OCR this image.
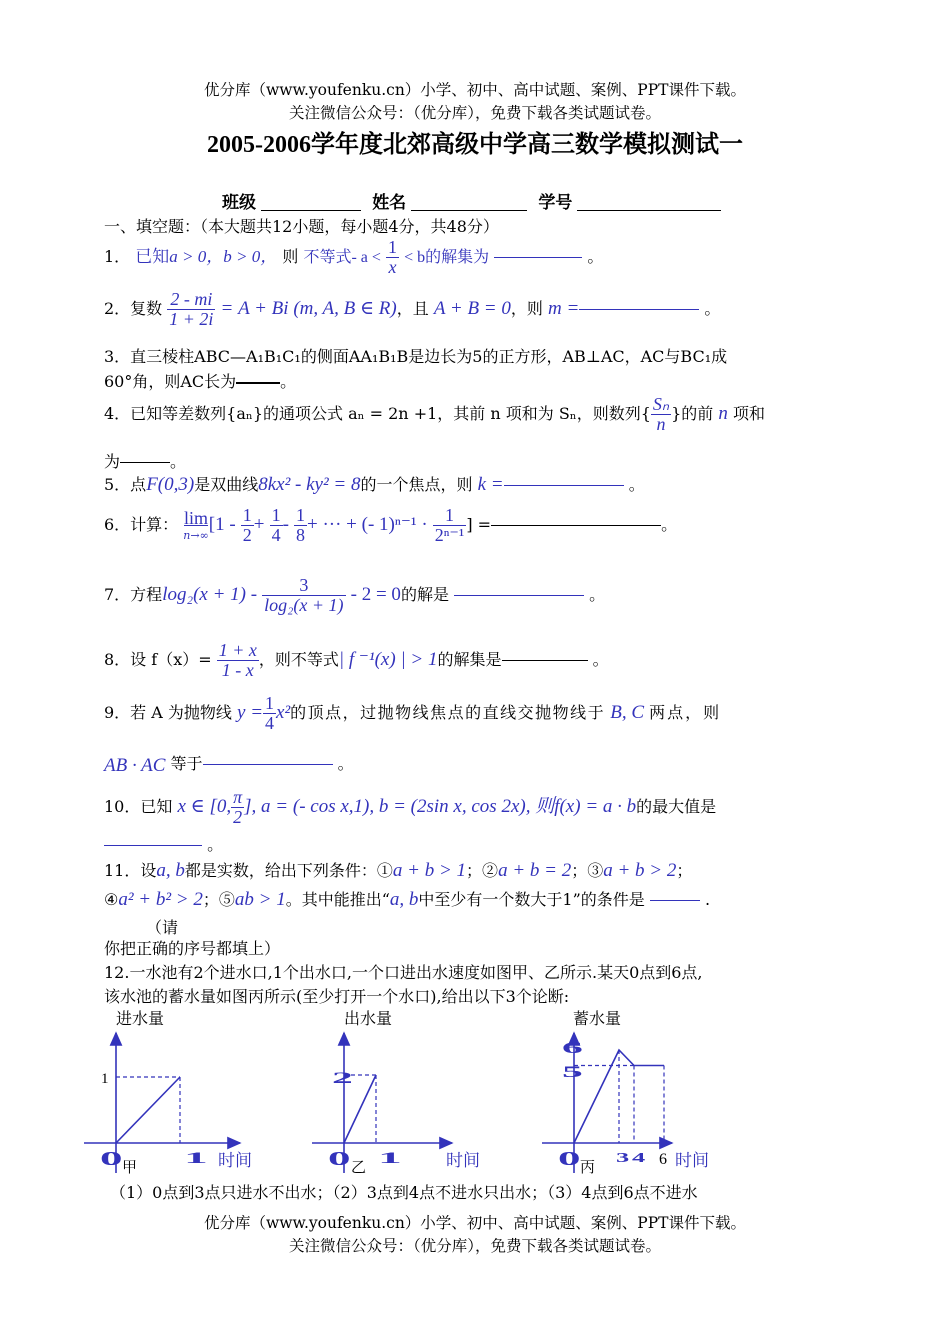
优分库（www.youfenku.cn）小学、初中、高中试题、案例、PPT课件下载。
关注微信公众号：（优分库），免费下载各类试题试卷。
2005-2006学年度北郊高级中学高三数学模拟测试一
班级	姓名	学号
一、填空题：（本大题共12小题，每小题4分，共48分）
1． 已知a > 0，b > 0， 则 不等式- $a < \frac{1}{x} < b$的解集为	。
2．复数 $\frac{2 - mi}{1 + 2i} = A + Bi$ (m, A, B ∈ R)，且 A + B = 0，则 m =	。
3．直三棱柱ABC—A₁B₁C₁的侧面AA₁B₁B是边长为5的正方形，AB⊥AC，AC与BC₁成
60°角，则AC长为	。
4．已知等差数列{aₙ}的通项公式 aₙ = 2n +1，其前 n 项和为 Sₙ，则数列{ $\frac{\text{Sₙ}}{n}$ }的前 n 项和
为	。
5．点F(0,3)是双曲线8kx² - ky² = 8的一个焦点，则 k =	。
6．计算： lim
n→∞
[$1 - \frac{1}{2} + \frac{1}{4} - \frac{1}{8}$ + ··· + (- $1)^{n-1} \cdot \frac{1}{\text{2ⁿ⁻¹}}$ ] =	。
7．方程$\log_2(x + 1) - \frac{3}{\text{log₂(x + 1)}} - 2 = 0$的解是	。
8．设 $f(x)= \frac{1 + x}{1 - x}$ ，则不等式| f ⁻¹(x) | > 1的解集是	。
9．若 A 为抛物线 $y = \frac{1}{4} x^2$的顶点，过抛物线焦点的直线交抛物线于 B, C 两点，则
AB · AC 等于	。
10．已知 x ∈ [0, $\frac{\pi}{2}$ ], a = (- cos x,1), b = (2sin x, cos 2x), 则f(x) = a · b的最大值是
。
11．设a, b都是实数，给出下列条件：①a + b > 1；②a + b = 2；③a + b > 2；
④a² + b² > 2；⑤ab > 1。其中能推出“a, b中至少有一个数大于1”的条件是	.
（请
你把正确的序号都填上）
12.一水池有2个进水口,1个出水口,一个口进出水速度如图甲、乙所示.某天0点到6点,
该水池的蓄水量如图丙所示(至少打开一个水口),给出以下3个论断:
进水量	出水量	蓄水量
1
0 1 时间
甲
2
0 1	时间
乙
6
5
0 3 4 6 时间
丙
（1）0点到3点只进水不出水；（2）3点到4点不进水只出水；（3）4点到6点不进水
优分库（www.youfenku.cn）小学、初中、高中试题、案例、PPT课件下载。
关注微信公众号：（优分库），免费下载各类试题试卷。
